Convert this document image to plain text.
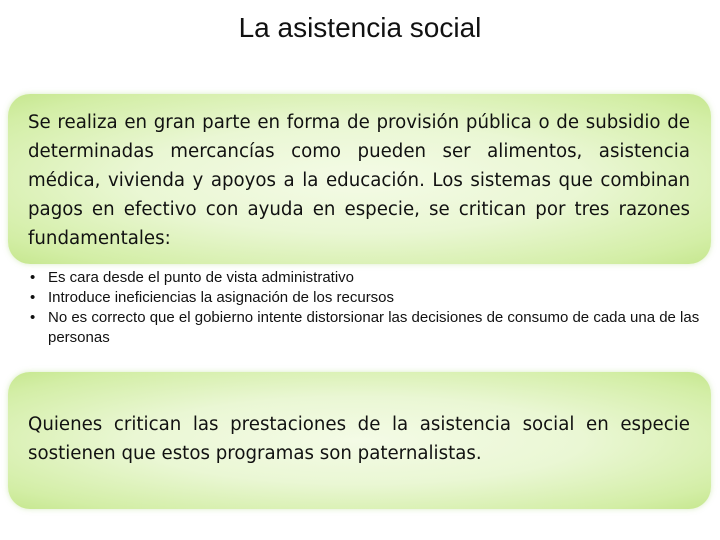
La asistencia social
Se realiza en gran parte en forma de provisión pública o de subsidio de determinadas mercancías como pueden ser alimentos, asistencia médica, vivienda y apoyos a la educación. Los sistemas que combinan pagos en efectivo con ayuda en especie, se critican por tres razones fundamentales:
• Es cara desde el punto de vista administrativo
• Introduce ineficiencias la asignación de los recursos
• No es correcto que el gobierno intente distorsionar las decisiones de consumo de cada una de las personas
Quienes critican las prestaciones de la asistencia social en especie sostienen que estos programas son paternalistas.
